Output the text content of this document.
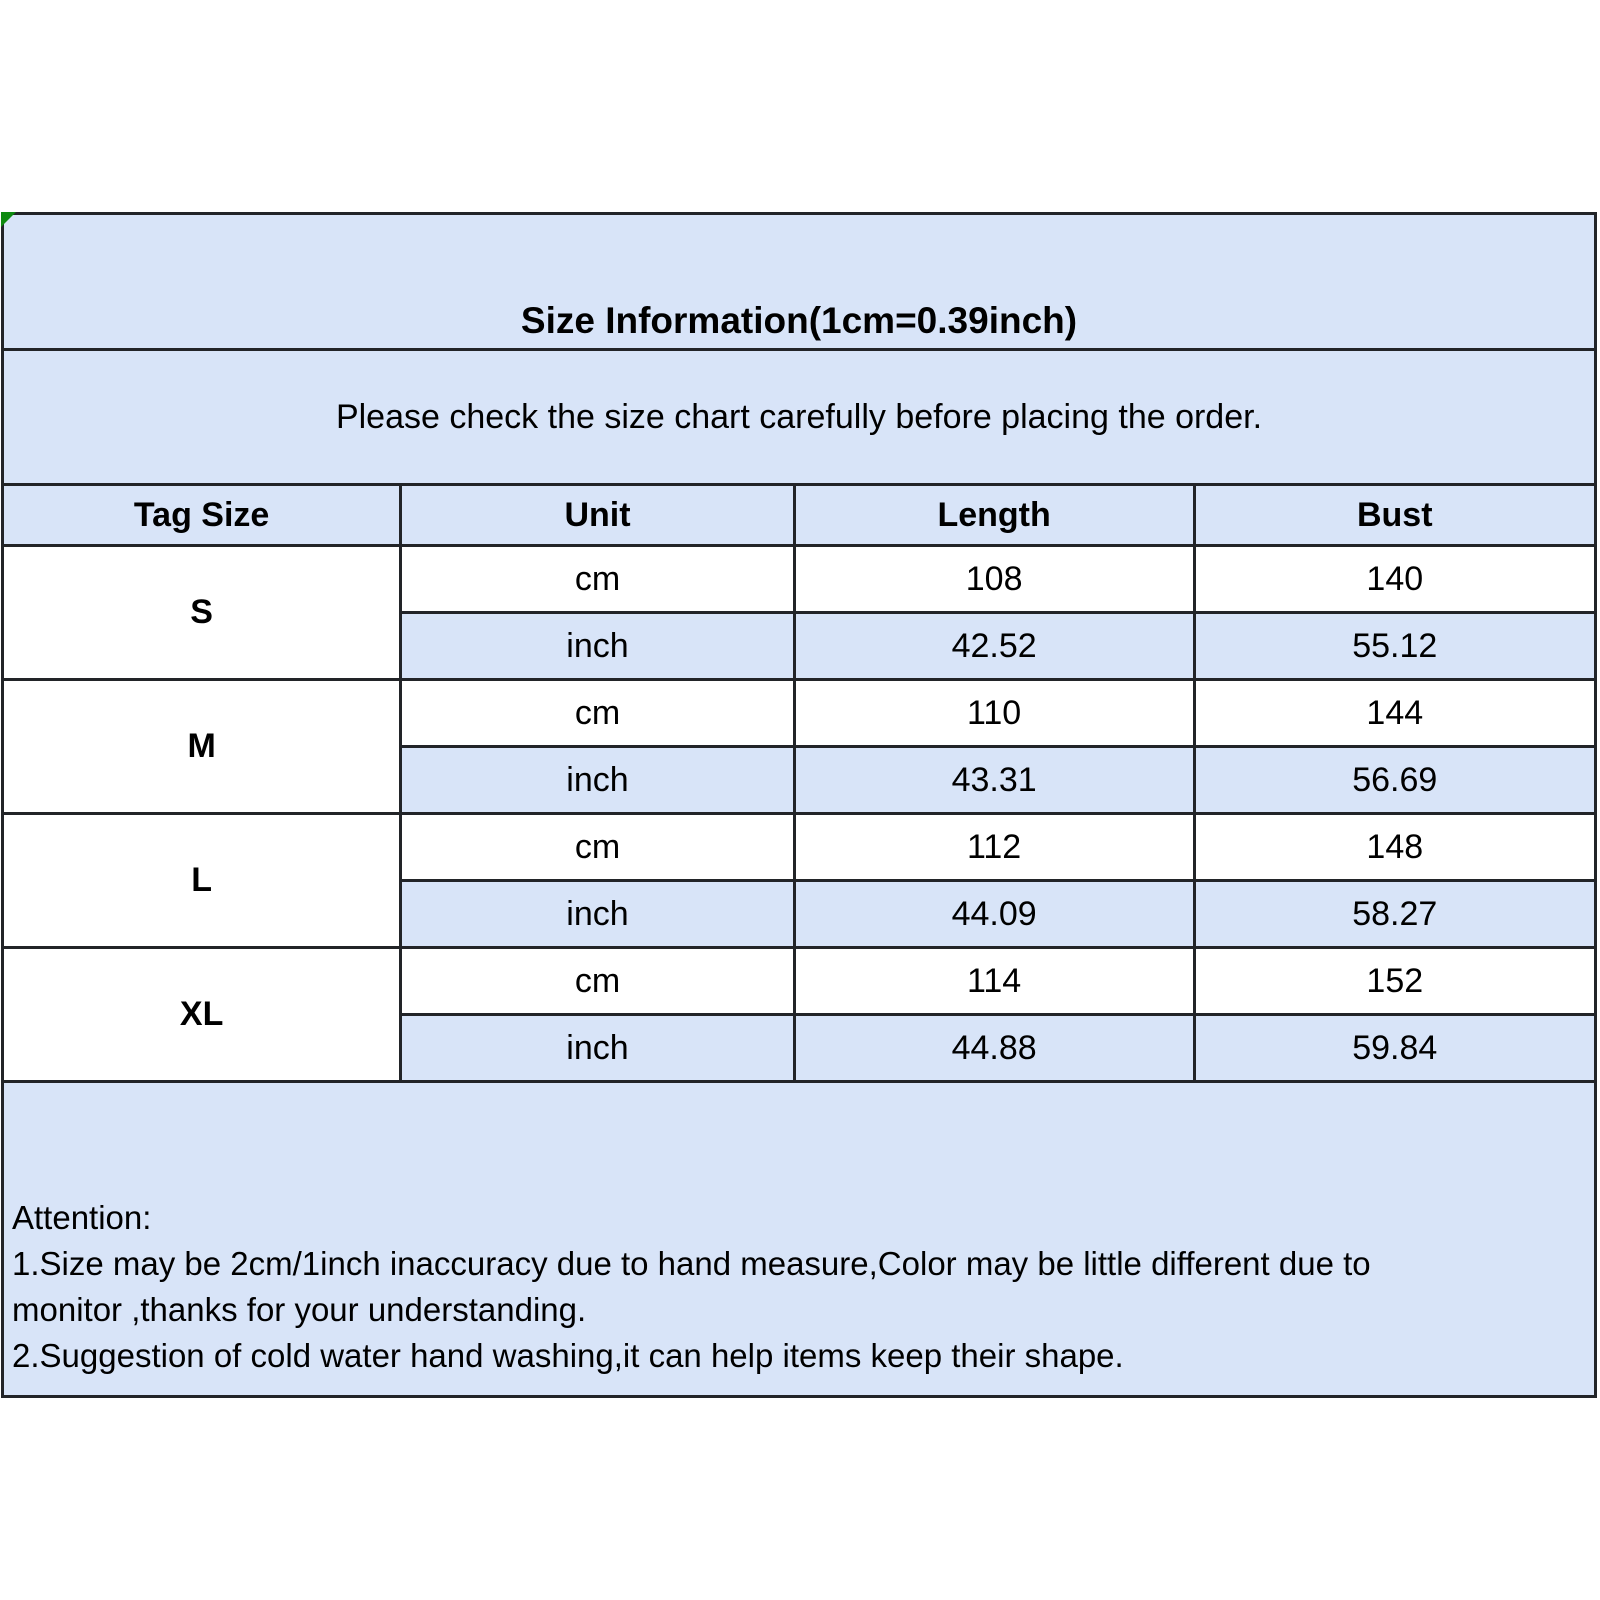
Size Information(1cm=0.39inch)			
Please check the size chart carefully before placing the order.			
Tag Size	Unit	Length	Bust
S	cm	108	140
	inch	42.52	55.12
M	cm	110	144
	inch	43.31	56.69
L	cm	112	148
	inch	44.09	58.27
XL	cm	114	152
	inch	44.88	59.84

Attention:
1.Size may be 2cm/1inch inaccuracy due to hand measure,Color may be little different due to
monitor ,thanks for your understanding.
2.Suggestion of cold water hand washing,it can help items keep their shape.			
